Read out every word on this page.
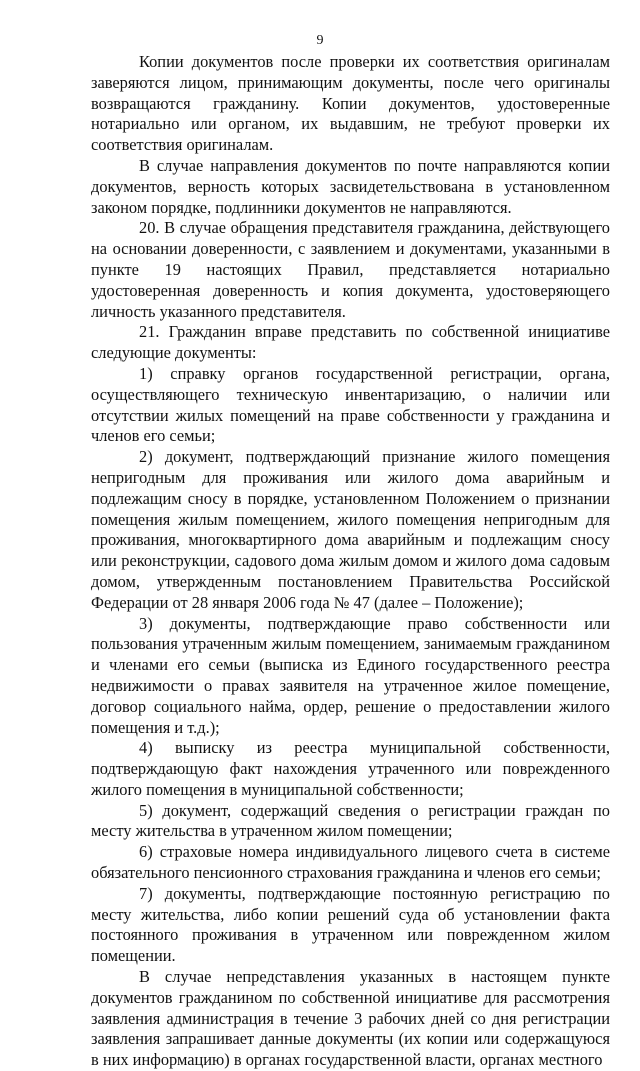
9

Копии документов после проверки их соответствия оригиналам заверяются лицом, принимающим документы, после чего оригиналы возвращаются гражданину. Копии документов, удостоверенные нотариально или органом, их выдавшим, не требуют проверки их соответствия оригиналам.

В случае направления документов по почте направляются копии документов, верность которых засвидетельствована в установленном законом порядке, подлинники документов не направляются.

20. В случае обращения представителя гражданина, действующего на основании доверенности, с заявлением и документами, указанными в пункте 19 настоящих Правил, представляется нотариально удостоверенная доверенность и копия документа, удостоверяющего личность указанного представителя.

21. Гражданин вправе представить по собственной инициативе следующие документы:

1) справку органов государственной регистрации, органа, осуществляющего техническую инвентаризацию, о наличии или отсутствии жилых помещений на праве собственности у гражданина и членов его семьи;

2) документ, подтверждающий признание жилого помещения непригодным для проживания или жилого дома аварийным и подлежащим сносу в порядке, установленном Положением о признании помещения жилым помещением, жилого помещения непригодным для проживания, многоквартирного дома аварийным и подлежащим сносу или реконструкции, садового дома жилым домом и жилого дома садовым домом, утвержденным постановлением Правительства Российской Федерации от 28 января 2006 года № 47 (далее – Положение);

3) документы, подтверждающие право собственности или пользования утраченным жилым помещением, занимаемым гражданином и членами его семьи (выписка из Единого государственного реестра недвижимости о правах заявителя на утраченное жилое помещение, договор социального найма, ордер, решение о предоставлении жилого помещения и т.д.);

4) выписку из реестра муниципальной собственности, подтверждающую факт нахождения утраченного или поврежденного жилого помещения в муниципальной собственности;

5) документ, содержащий сведения о регистрации граждан по месту жительства в утраченном жилом помещении;

6) страховые номера индивидуального лицевого счета в системе обязательного пенсионного страхования гражданина и членов его семьи;

7) документы, подтверждающие постоянную регистрацию по месту жительства, либо копии решений суда об установлении факта постоянного проживания в утраченном или поврежденном жилом помещении.

В случае непредставления указанных в настоящем пункте документов гражданином по собственной инициативе для рассмотрения заявления администрация в течение 3 рабочих дней со дня регистрации заявления запрашивает данные документы (их копии или содержащуюся в них информацию) в органах государственной власти, органах местного
